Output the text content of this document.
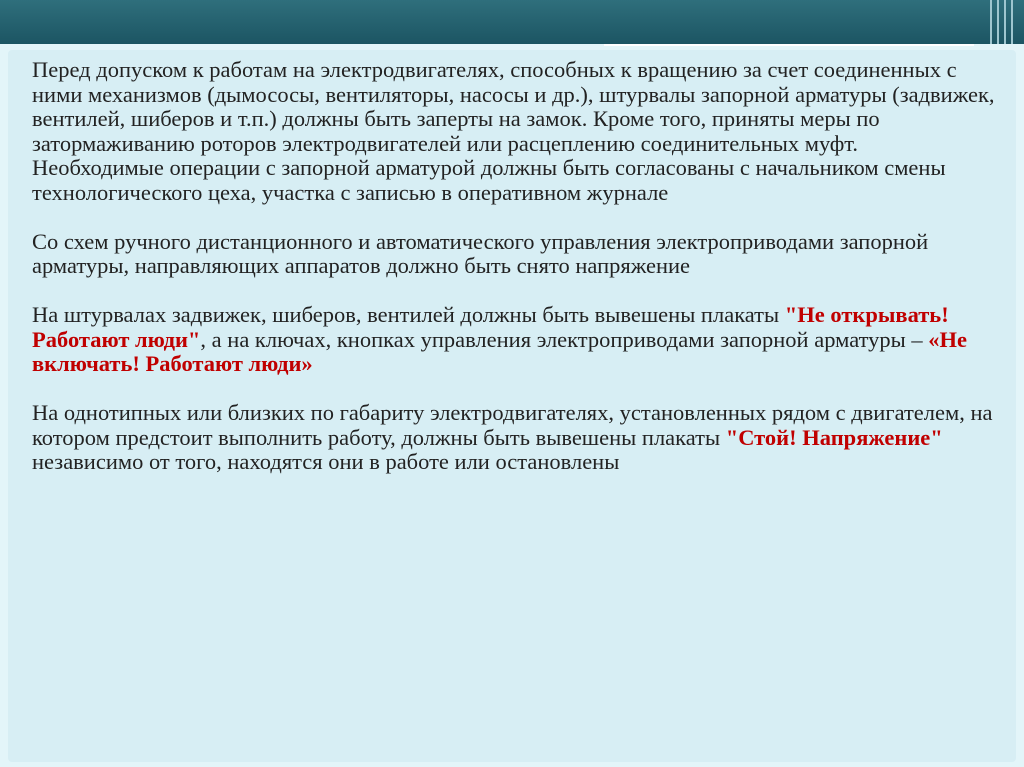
Перед допуском к работам на электродвигателях, способных к вращению за счет соединенных с ними механизмов (дымососы, вентиляторы, насосы и др.), штурвалы запорной арматуры (задвижек, вентилей, шиберов и т.п.) должны быть заперты на замок. Кроме того, приняты меры по затормаживанию роторов электродвигателей или расцеплению соединительных муфт.

Необходимые операции с запорной арматурой должны быть согласованы с начальником смены технологического цеха, участка с записью в оперативном журнале

Со схем ручного дистанционного и автоматического управления электроприводами запорной арматуры, направляющих аппаратов должно быть снято напряжение

На штурвалах задвижек, шиберов, вентилей должны быть вывешены плакаты "Не открывать! Работают люди", а на ключах, кнопках управления электроприводами запорной арматуры – «Не включать! Работают люди»

На однотипных или близких по габариту электродвигателях, установленных рядом с двигателем, на котором предстоит выполнить работу, должны быть вывешены плакаты "Стой! Напряжение" независимо от того, находятся они в работе или остановлены
